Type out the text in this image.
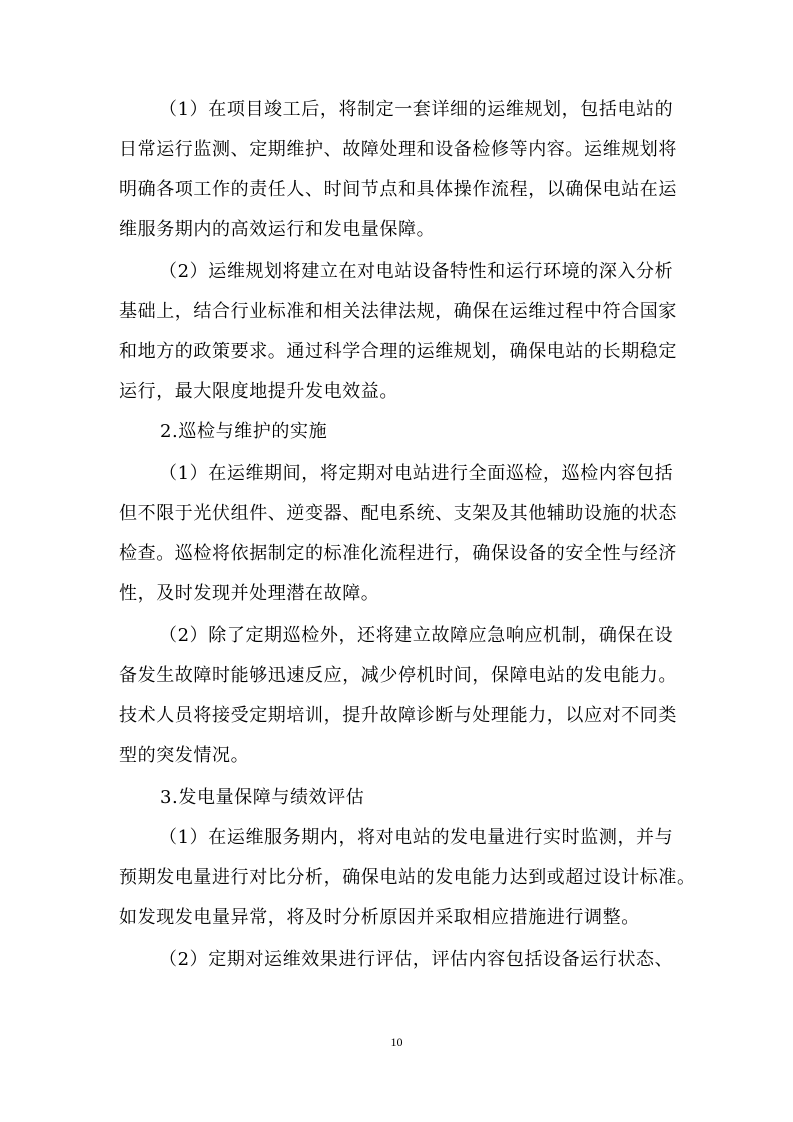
（1）在项目竣工后，将制定一套详细的运维规划，包括电站的
日常运行监测、定期维护、故障处理和设备检修等内容。运维规划将
明确各项工作的责任人、时间节点和具体操作流程，以确保电站在运
维服务期内的高效运行和发电量保障。
（2）运维规划将建立在对电站设备特性和运行环境的深入分析
基础上，结合行业标准和相关法律法规，确保在运维过程中符合国家
和地方的政策要求。通过科学合理的运维规划，确保电站的长期稳定
运行，最大限度地提升发电效益。
2.巡检与维护的实施
（1）在运维期间，将定期对电站进行全面巡检，巡检内容包括
但不限于光伏组件、逆变器、配电系统、支架及其他辅助设施的状态
检查。巡检将依据制定的标准化流程进行，确保设备的安全性与经济
性，及时发现并处理潜在故障。
（2）除了定期巡检外，还将建立故障应急响应机制，确保在设
备发生故障时能够迅速反应，减少停机时间，保障电站的发电能力。
技术人员将接受定期培训，提升故障诊断与处理能力，以应对不同类
型的突发情况。
3.发电量保障与绩效评估
（1）在运维服务期内，将对电站的发电量进行实时监测，并与
预期发电量进行对比分析，确保电站的发电能力达到或超过设计标准。
如发现发电量异常，将及时分析原因并采取相应措施进行调整。
（2）定期对运维效果进行评估，评估内容包括设备运行状态、
10
